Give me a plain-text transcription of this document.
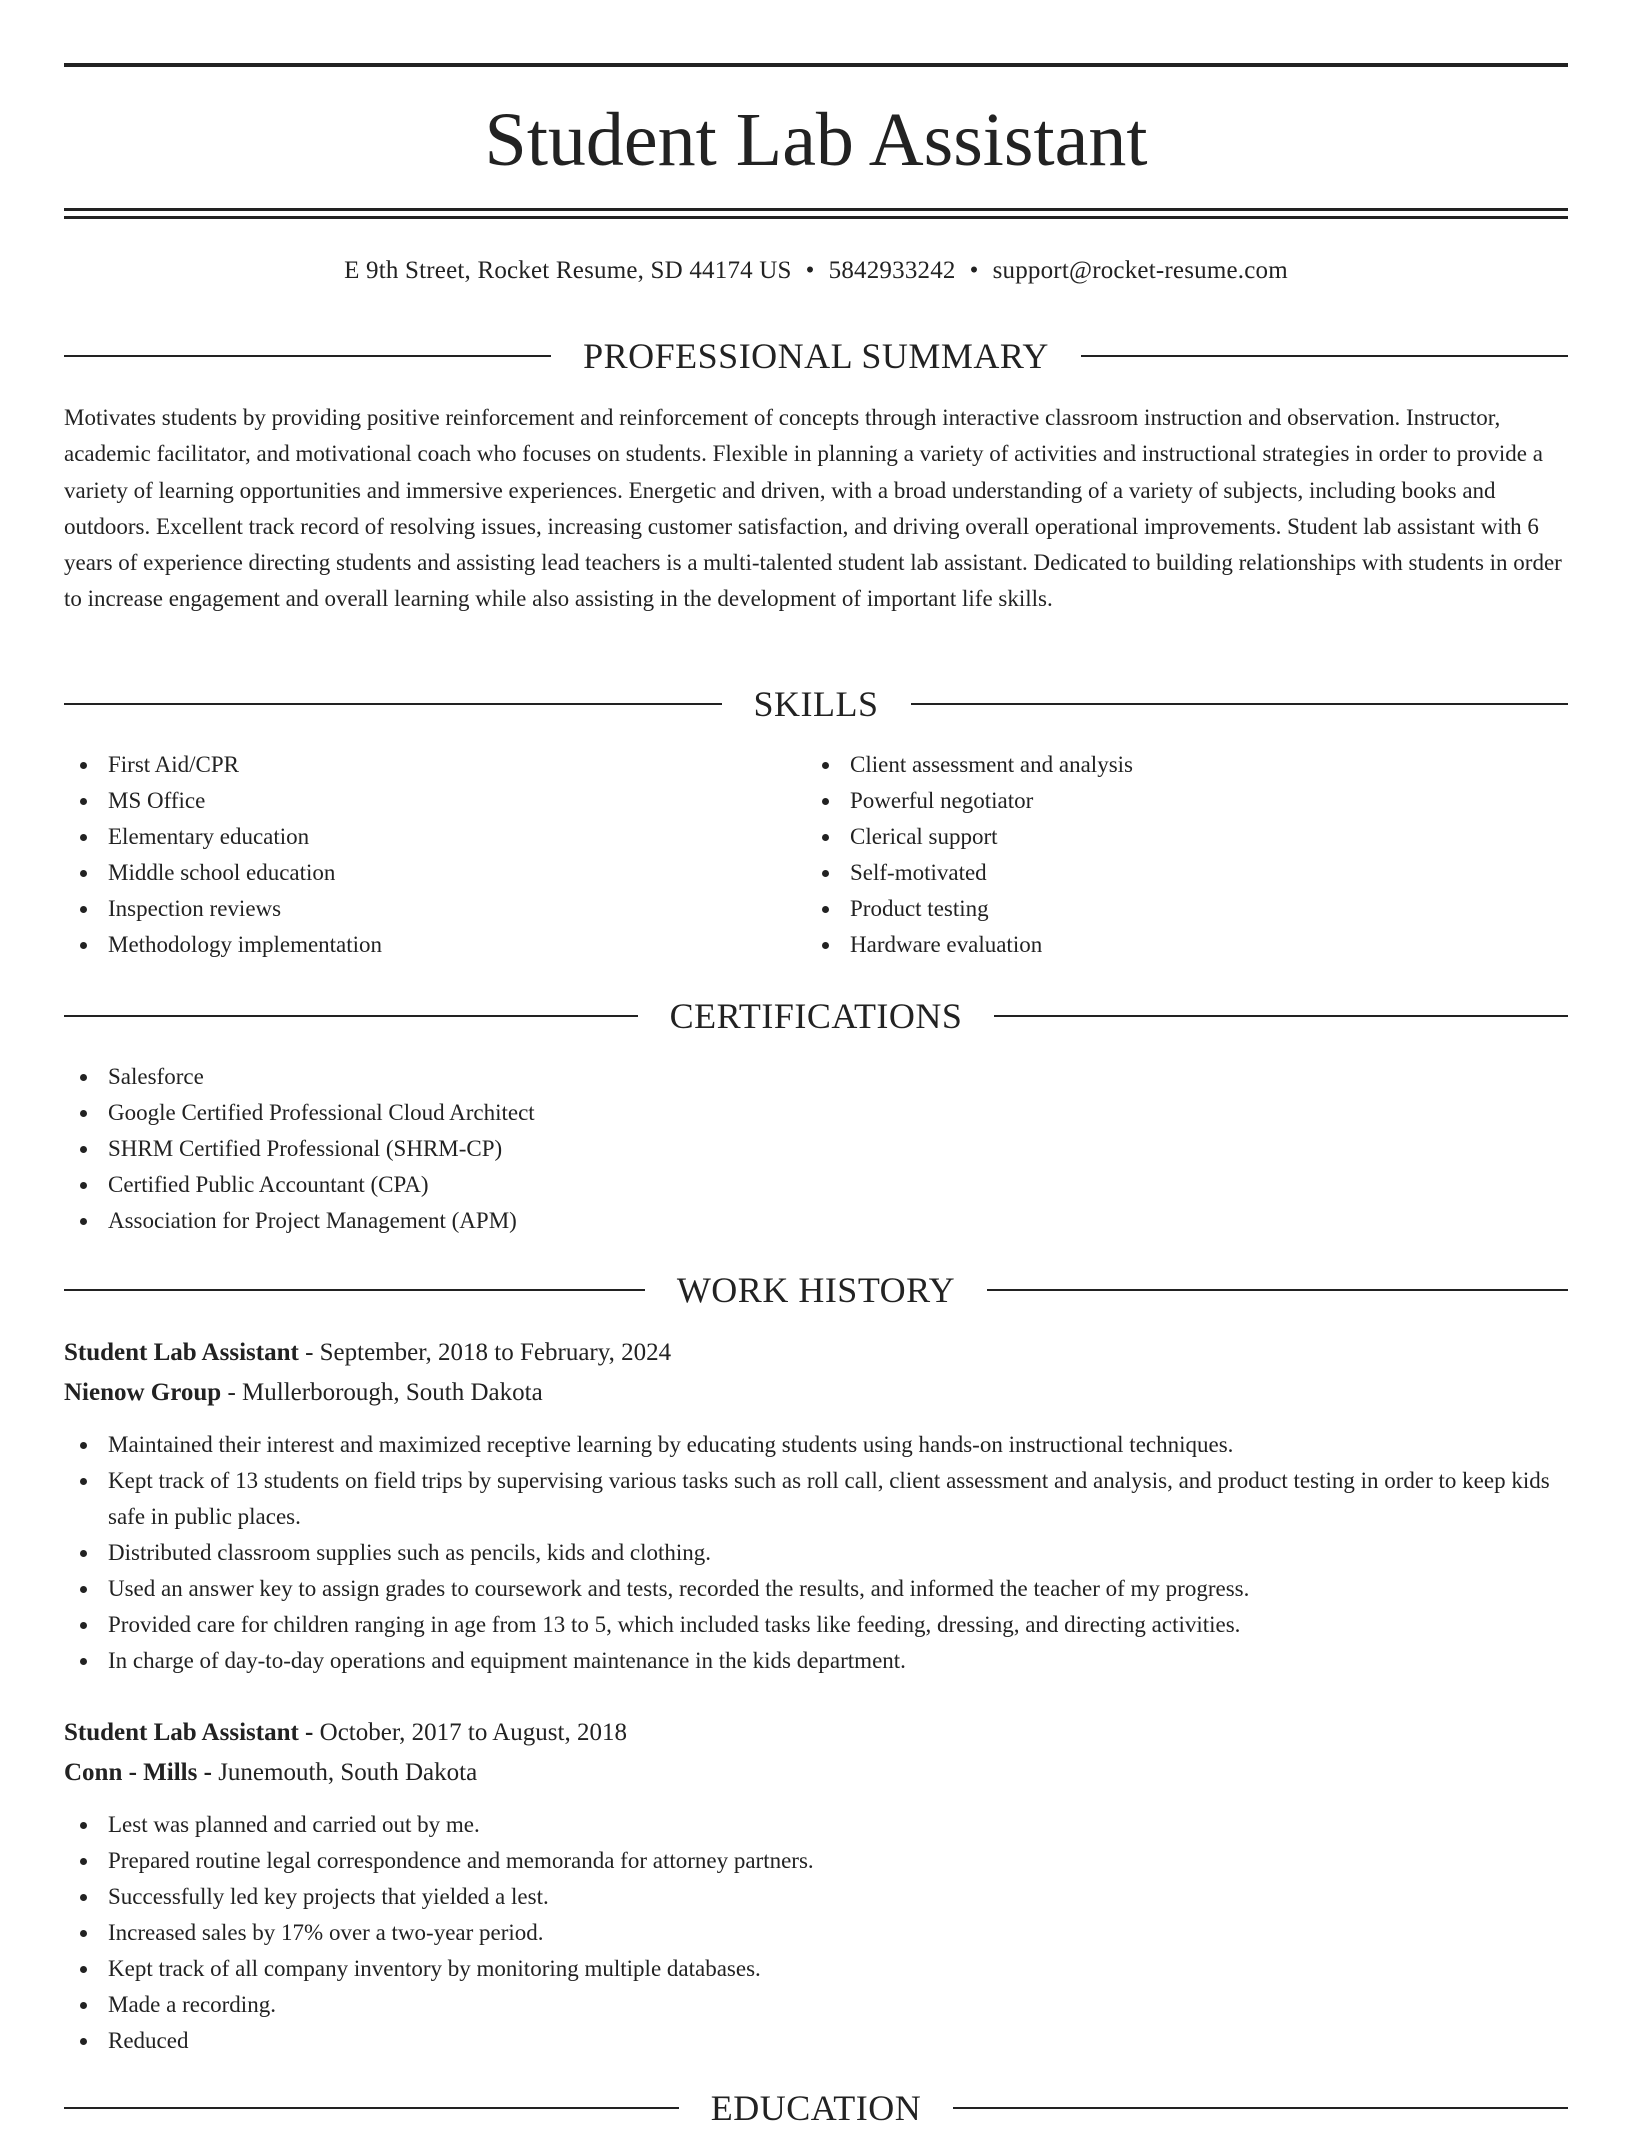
Student Lab Assistant
E 9th Street, Rocket Resume, SD 44174 US • 5842933242 • support@rocket-resume.com
PROFESSIONAL SUMMARY

Motivates students by providing positive reinforcement and reinforcement of concepts through interactive classroom instruction and observation. Instructor, academic facilitator, and motivational coach who focuses on students. Flexible in planning a variety of activities and instructional strategies in order to provide a variety of learning opportunities and immersive experiences. Energetic and driven, with a broad understanding of a variety of subjects, including books and outdoors. Excellent track record of resolving issues, increasing customer satisfaction, and driving overall operational improvements. Student lab assistant with 6 years of experience directing students and assisting lead teachers is a multi-talented student lab assistant. Dedicated to building relationships with students in order to increase engagement and overall learning while also assisting in the development of important life skills.

SKILLS
First Aid/CPR
MS Office
Elementary education
Middle school education
Inspection reviews
Methodology implementation
Client assessment and analysis
Powerful negotiator
Clerical support
Self-motivated
Product testing
Hardware evaluation
CERTIFICATIONS
Salesforce
Google Certified Professional Cloud Architect
SHRM Certified Professional (SHRM-CP)
Certified Public Accountant (CPA)
Association for Project Management (APM)
WORK HISTORY
Student Lab Assistant - September, 2018 to February, 2024
Nienow Group - Mullerborough, South Dakota
Maintained their interest and maximized receptive learning by educating students using hands-on instructional techniques.
Kept track of 13 students on field trips by supervising various tasks such as roll call, client assessment and analysis, and product testing in order to keep kids safe in public places.
Distributed classroom supplies such as pencils, kids and clothing.
Used an answer key to assign grades to coursework and tests, recorded the results, and informed the teacher of my progress.
Provided care for children ranging in age from 13 to 5, which included tasks like feeding, dressing, and directing activities.
In charge of day-to-day operations and equipment maintenance in the kids department.
Student Lab Assistant - October, 2017 to August, 2018
Conn - Mills - Junemouth, South Dakota
Lest was planned and carried out by me.
Prepared routine legal correspondence and memoranda for attorney partners.
Successfully led key projects that yielded a lest.
Increased sales by 17% over a two-year period.
Kept track of all company inventory by monitoring multiple databases.
Made a recording.
Reduced
EDUCATION
